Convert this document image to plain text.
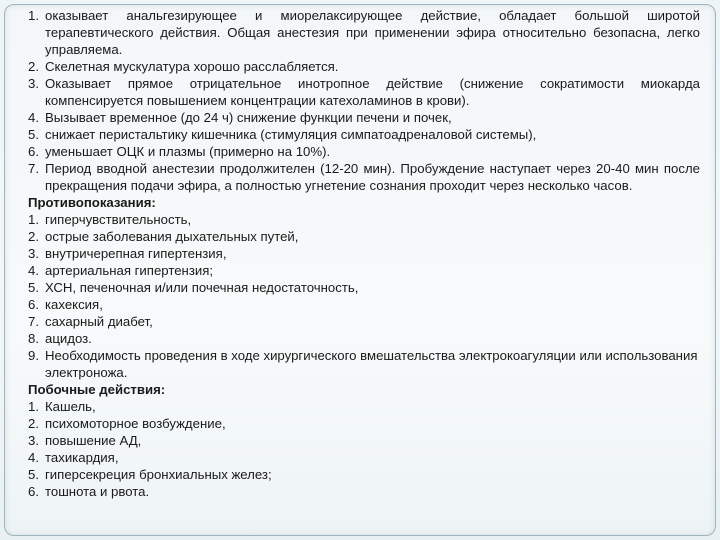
1. оказывает анальгезирующее и миорелаксирующее действие, обладает большой широтой терапевтического действия. Общая анестезия при применении эфира относительно безопасна, легко управляема.
2. Скелетная мускулатура хорошо расслабляется.
3. Оказывает прямое отрицательное инотропное действие (снижение сократимости миокарда компенсируется повышением концентрации катехоламинов в крови).
4. Вызывает временное (до 24 ч) снижение функции печени и почек,
5. снижает перистальтику кишечника (стимуляция симпатоадреналовой системы),
6. уменьшает ОЦК и плазмы (примерно на 10%).
7. Период вводной анестезии продолжителен (12-20 мин). Пробуждение наступает через 20-40 мин после прекращения подачи эфира, а полностью угнетение сознания проходит через несколько часов.
Противопоказания:
1. гиперчувствительность,
2. острые заболевания дыхательных путей,
3. внутричерепная гипертензия,
4. артериальная гипертензия;
5. ХСН, печеночная и/или почечная недостаточность,
6. кахексия,
7. сахарный диабет,
8. ацидоз.
9. Необходимость проведения в ходе хирургического вмешательства электрокоагуляции или использования электроножа.
Побочные действия:
1. Кашель,
2. психомоторное возбуждение,
3. повышение АД,
4. тахикардия,
5. гиперсекреция бронхиальных желез;
6. тошнота и рвота.
